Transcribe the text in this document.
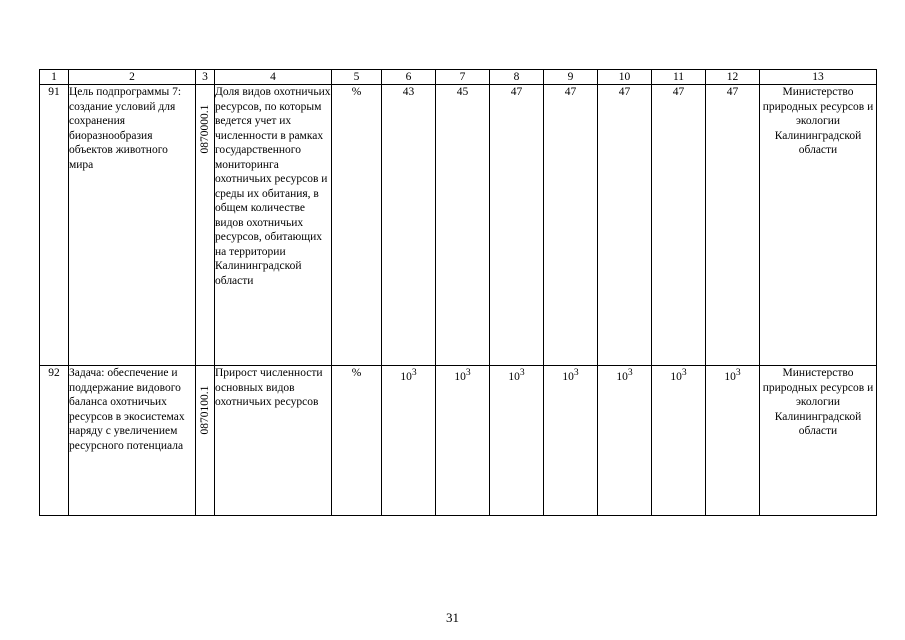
1	2	3	4	5	6	7	8	9	10	11	12	13
91	Цель подпрограммы 7: создание условий для сохранения биоразнообразия объектов животного мира	0870000.1	Доля видов охотничьих ресурсов, по которым ведется учет их численности в рамках государственного мониторинга охотничьих ресурсов и среды их обитания, в общем количестве видов охотничьих ресурсов, обитающих на территории Калининградской области	%	43	45	47	47	47	47	47	Министерство природных ресурсов и экологии Калининградской области
92	Задача: обеспечение и поддержание видового баланса охотничьих ресурсов в экосистемах наряду с увеличением ресурсного потенциала	0870100.1	Прирост численности основных видов охотничьих ресурсов	%	$10^3$	$10^3$	$10^3$	$10^3$	$10^3$	$10^3$	$10^3$	Министерство природных ресурсов и экологии Калининградской области
31
